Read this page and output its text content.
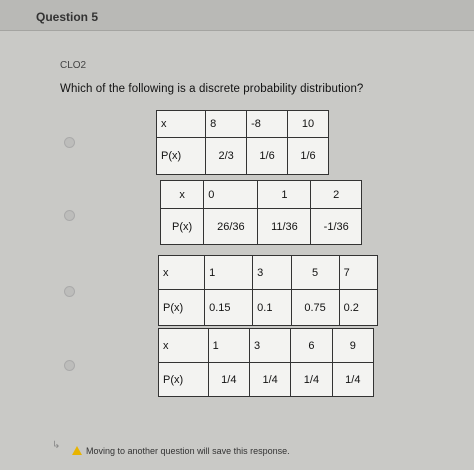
Question 5
CLO2
Which of the following is a discrete probability distribution?
x	8	-8	10
P(x)	2/3	1/6	1/6
x	0	1	2
P(x)	26/36	11/36	-1/36
x	1	3	5	7
P(x)	0.15	0.1	0.75	0.2
x	1	3	6	9
P(x)	1/4	1/4	1/4	1/4
↳	Moving to another question will save this response.
